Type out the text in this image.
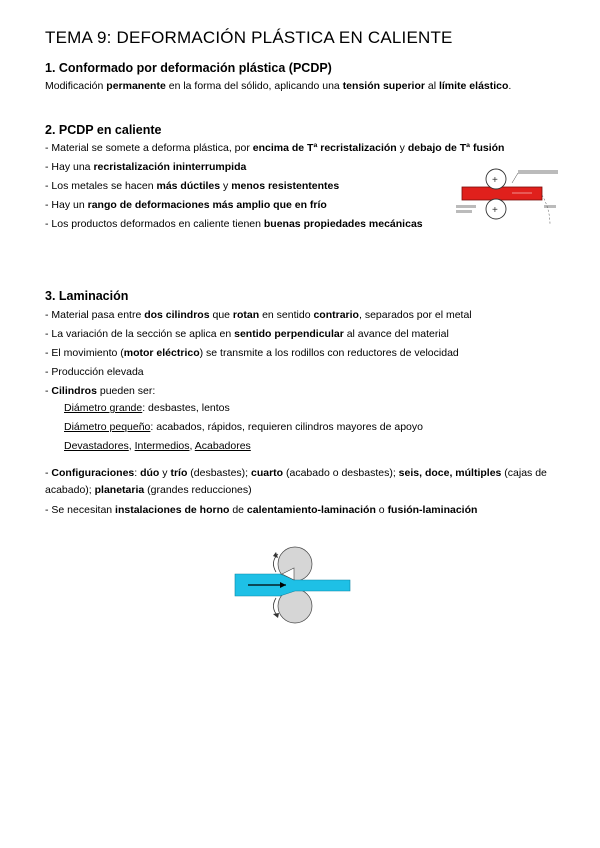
TEMA 9: DEFORMACIÓN PLÁSTICA EN CALIENTE
1. Conformado por deformación plástica (PCDP)
Modificación permanente en la forma del sólido, aplicando una tensión superior al límite elástico.
2. PCDP en caliente
- Material se somete a deforma plástica, por encima de Tª recristalización y debajo de Tª fusión
- Hay una recristalización ininterrumpida
- Los metales se hacen más dúctiles y menos resistententes
- Hay un rango de deformaciones más amplio que en frío
- Los productos deformados en caliente tienen buenas propiedades mecánicas
+
+
3. Laminación
- Material pasa entre dos cilindros que rotan en sentido contrario, separados por el metal
- La variación de la sección se aplica en sentido perpendicular al avance del material
- El movimiento (motor eléctrico) se transmite a los rodillos con reductores de velocidad
- Producción elevada
- Cilindros pueden ser:
Diámetro grande: desbastes, lentos
Diámetro pequeño: acabados, rápidos, requieren cilindros mayores de apoyo
Devastadores, Intermedios, Acabadores
- Configuraciones: dúo y trío (desbastes); cuarto (acabado o desbastes); seis, doce, múltiples (cajas de acabado); planetaria (grandes reducciones)
- Se necesitan instalaciones de horno de calentamiento-laminación o fusión-laminación
